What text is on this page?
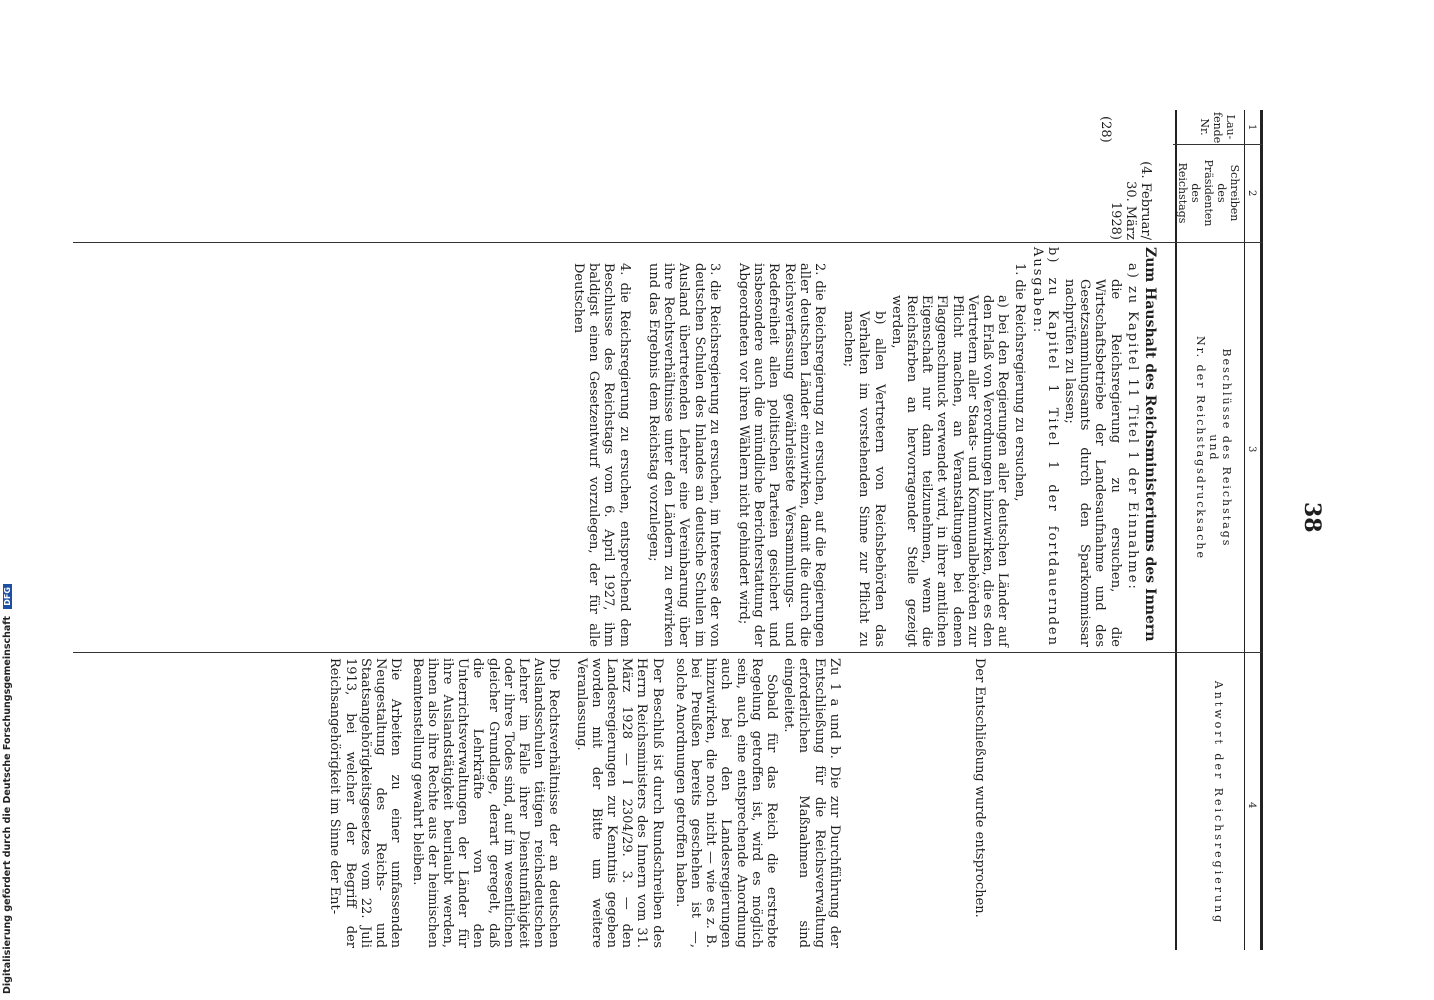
38
1
2
3
4
Lau-
fende
Nr.
Schreiben
des
Präsidenten
des
Reichstags
Beschlüsse des Reichstags
und
Nr. der Reichstagsdrucksache
Antwort der Reichsregierung
(28)
(4. Februar/
30. März
1928)

Zum Haushalt des Reichsministeriums des Innern

a) zu Kapitel 11 Titel 1 der Einnahme:

die Reichsregierung zu ersuchen, die Wirtschaftsbetriebe der Landesaufnahme und des Gesetzsammlungsamts durch den Sparkommissar nachprüfen zu lassen;

b) zu Kapitel 1 Titel 1 der fortdauernden Ausgaben:

1. die Reichsregierung zu ersuchen,

a) bei den Regierungen aller deutschen Länder auf den Erlaß von Verordnungen hinzuwirken, die es den Vertretern aller Staats- und Kommunalbehörden zur Pflicht machen, an Veranstaltungen bei denen Flaggenschmuck verwendet wird, in ihrer amtlichen Eigenschaft nur dann teilzunehmen, wenn die Reichsfarben an hervorragender Stelle gezeigt werden,

b) allen Vertretern von Reichsbehörden das Verhalten im vorstehenden Sinne zur Pflicht zu machen;

2. die Reichsregierung zu ersuchen, auf die Regierungen aller deutschen Länder einzuwirken, damit die durch die Reichsverfassung gewährleistete Versammlungs- und Redefreiheit allen politischen Parteien gesichert und insbesondere auch die mündliche Berichterstattung der Abgeordneten vor ihren Wählern nicht gehindert wird;

3. die Reichsregierung zu ersuchen, im Interesse der von deutschen Schulen des Inlandes an deutsche Schulen im Ausland übertretenden Lehrer eine Vereinbarung über ihre Rechtsverhältnisse unter den Ländern zu erwirken und das Ergebnis dem Reichstag vorzulegen;

4. die Reichsregierung zu ersuchen, entsprechend dem Beschlusse des Reichstags vom 6. April 1927, ihm baldigst einen Gesetzentwurf vorzulegen, der für alle Deutschen

Der Entschließung wurde entsprochen.

Zu 1 a und b. Die zur Durchführung der Entschließung für die Reichsverwaltung erforderlichen Maßnahmen sind eingeleitet.

Sobald für das Reich die erstrebte Regelung getroffen ist, wird es möglich sein, auch eine entsprechende Anordnung auch bei den Landesregierungen hinzuwirken, die noch nicht — wie es z. B. bei Preußen bereits geschehen ist —, solche Anordnungen getroffen haben.

Der Beschluß ist durch Rundschreiben des Herrn Reichsministers des Innern vom 31. März 1928 — I 2304/29. 3. — den Landesregierungen zur Kenntnis gegeben worden mit der Bitte um weitere Veranlassung.

Die Rechtsverhältnisse der an deutschen Auslandsschulen tätigen reichsdeutschen Lehrer im Falle ihrer Dienstunfähigkeit oder ihres Todes sind, auf im wesentlichen gleicher Grundlage, derart geregelt, daß die Lehrkräfte von den Unterrichtsverwaltungen der Länder für ihre Auslandstätigkeit beurlaubt werden, ihnen also ihre Rechte aus der heimischen Beamtenstellung gewahrt bleiben.

Die Arbeiten zu einer umfassenden Neugestaltung des Reichs- und Staatsangehörigkeitsgesetzes vom 22. Juli 1913, bei welcher der Begriff der Reichsangehörigkeit im Sinne der Ent-

Digitalisierung gefördert durch die Deutsche Forschungsgemeinschaft DFG
